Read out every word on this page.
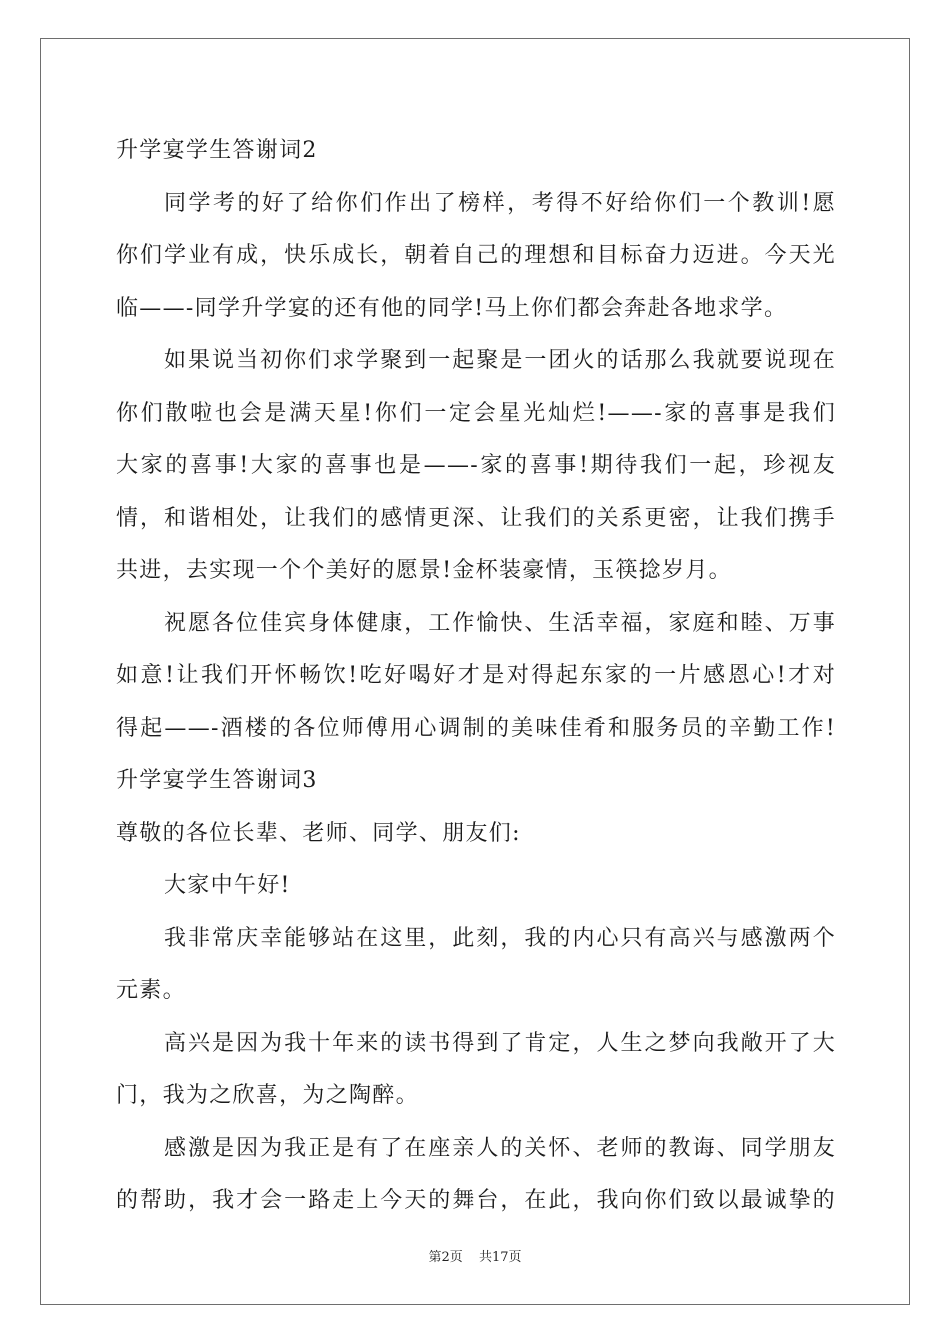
升学宴学生答谢词2
同学考的好了给你们作出了榜样，考得不好给你们一个教训!愿
你们学业有成，快乐成长，朝着自己的理想和目标奋力迈进。今天光
临——-同学升学宴的还有他的同学!马上你们都会奔赴各地求学。
如果说当初你们求学聚到一起聚是一团火的话那么我就要说现在
你们散啦也会是满天星!你们一定会星光灿烂!——-家的喜事是我们
大家的喜事!大家的喜事也是——-家的喜事!期待我们一起，珍视友
情，和谐相处，让我们的感情更深、让我们的关系更密，让我们携手
共进，去实现一个个美好的愿景!金杯装豪情，玉筷捻岁月。
祝愿各位佳宾身体健康，工作愉快、生活幸福，家庭和睦、万事
如意!让我们开怀畅饮!吃好喝好才是对得起东家的一片感恩心!才对
得起——-酒楼的各位师傅用心调制的美味佳肴和服务员的辛勤工作!
升学宴学生答谢词3
尊敬的各位长辈、老师、同学、朋友们:
大家中午好!
我非常庆幸能够站在这里，此刻，我的内心只有高兴与感激两个
元素。
高兴是因为我十年来的读书得到了肯定，人生之梦向我敞开了大
门，我为之欣喜，为之陶醉。
感激是因为我正是有了在座亲人的关怀、老师的教诲、同学朋友
的帮助，我才会一路走上今天的舞台，在此，我向你们致以最诚挚的
第2页 共17页
